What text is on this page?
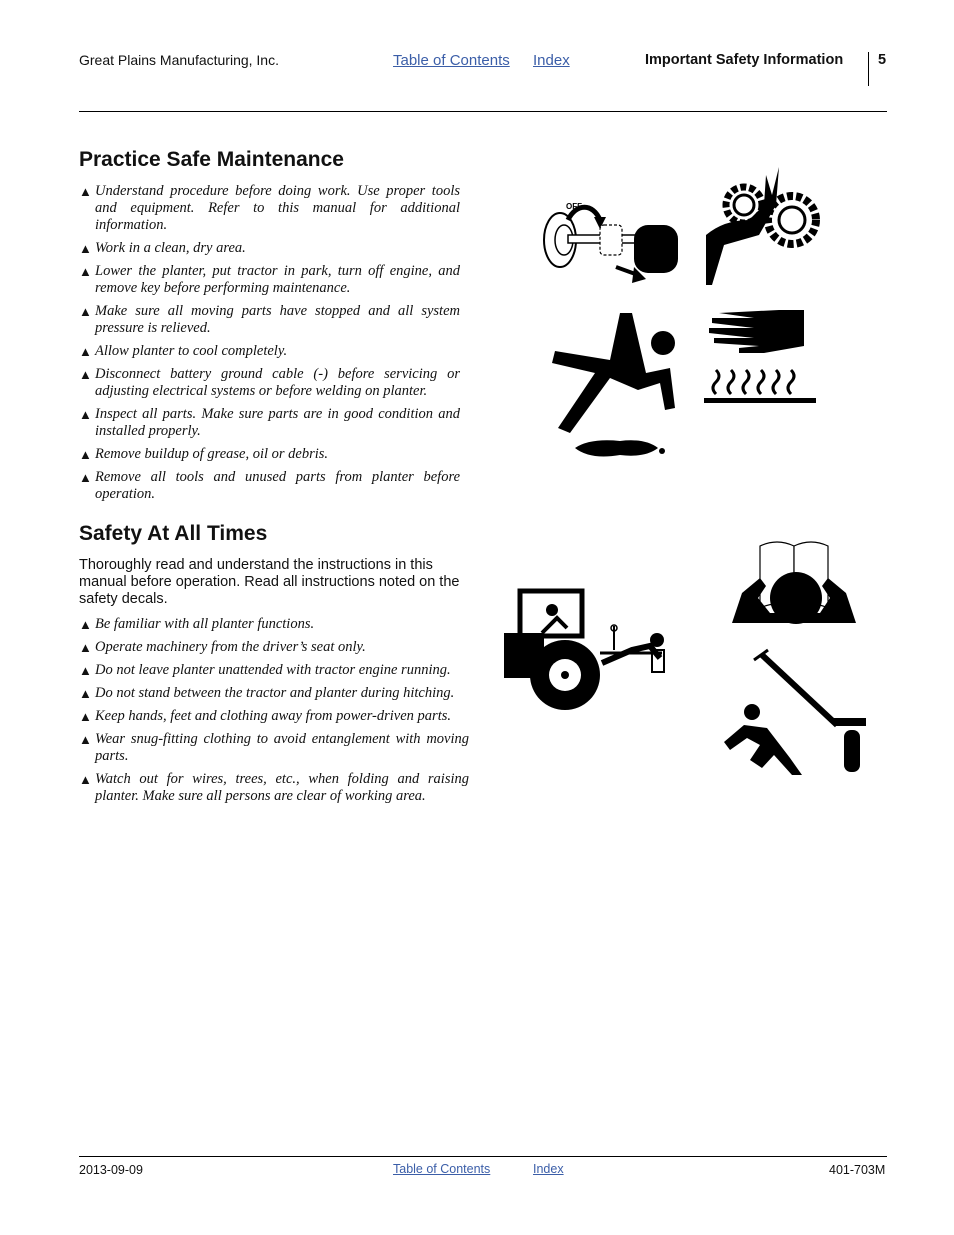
Great Plains Manufacturing, Inc.	Table of Contents Index	Important Safety Information 5
Practice Safe Maintenance
▲ Understand procedure before doing work. Use proper tools and equipment. Refer to this manual for additional information.
▲ Work in a clean, dry area.
▲ Lower the planter, put tractor in park, turn off engine, and remove key before performing maintenance.
▲ Make sure all moving parts have stopped and all system pressure is relieved.
▲ Allow planter to cool completely.
▲ Disconnect battery ground cable (-) before servicing or adjusting electrical systems or before welding on planter.
▲ Inspect all parts. Make sure parts are in good condition and installed properly.
▲ Remove buildup of grease, oil or debris.
▲ Remove all tools and unused parts from planter before operation.
Safety At All Times

Thoroughly read and understand the instructions in this manual before operation. Read all instructions noted on the safety decals.

▲ Be familiar with all planter functions.
▲ Operate machinery from the driver’s seat only.
▲ Do not leave planter unattended with tractor engine running.
▲ Do not stand between the tractor and planter during hitching.
▲ Keep hands, feet and clothing away from power-driven parts.
▲ Wear snug-fitting clothing to avoid entanglement with moving parts.
▲ Watch out for wires, trees, etc., when folding and raising planter. Make sure all persons are clear of working area.
OFF
2013-09-09	Table of Contents	Index	401-703M
